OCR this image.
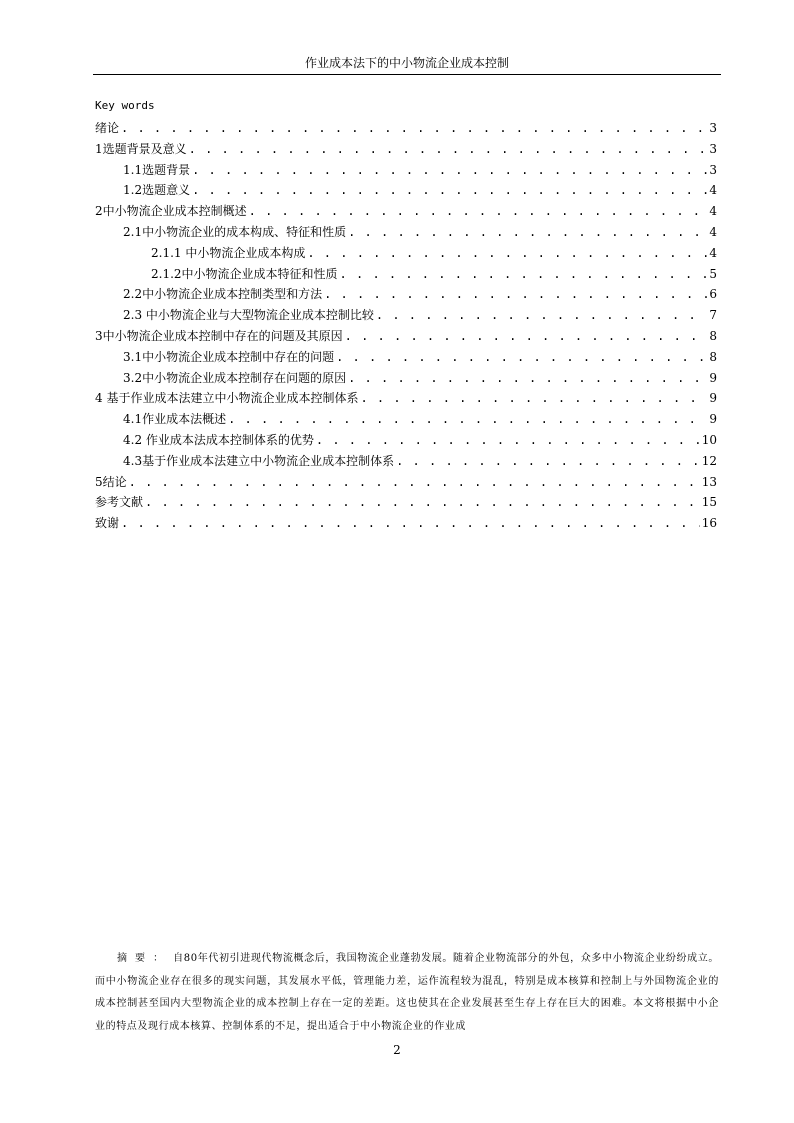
作业成本法下的中小物流企业成本控制
Key words
绪论 . . .	3
1选题背景及意义 . . .	3
1.1选题背景 . . .	3
1.2选题意义 . . .	4
2中小物流企业成本控制概述 . . .	4
2.1中小物流企业的成本构成、特征和性质 . . .	4
2.1.1 中小物流企业成本构成 . . .	4
2.1.2中小物流企业成本特征和性质 . . .	5
2.2中小物流企业成本控制类型和方法 . . .	6
2.3 中小物流企业与大型物流企业成本控制比较 . . .	7
3中小物流企业成本控制中存在的问题及其原因 . . .	8
3.1中小物流企业成本控制中存在的问题 . . .	8
3.2中小物流企业成本控制存在问题的原因 . . .	9
4 基于作业成本法建立中小物流企业成本控制体系 . . .	9
4.1作业成本法概述 . . .	9
4.2 作业成本法成本控制体系的优势 . . .	10
4.3基于作业成本法建立中小物流企业成本控制体系 . . .	12
5结论 . . .	13
参考文献 . . .	15
致谢 . . .	16
摘要： 自80年代初引进现代物流概念后，我国物流企业蓬勃发展。随着企业物流部分的外包，众多中小物流企业纷纷成立。而中小物流企业存在很多的现实问题，其发展水平低，管理能力差，运作流程较为混乱，特别是成本核算和控制上与外国物流企业的成本控制甚至国内大型物流企业的成本控制上存在一定的差距。这也使其在企业发展甚至生存上存在巨大的困难。本文将根据中小企业的特点及现行成本核算、控制体系的不足，提出适合于中小物流企业的作业成
2
